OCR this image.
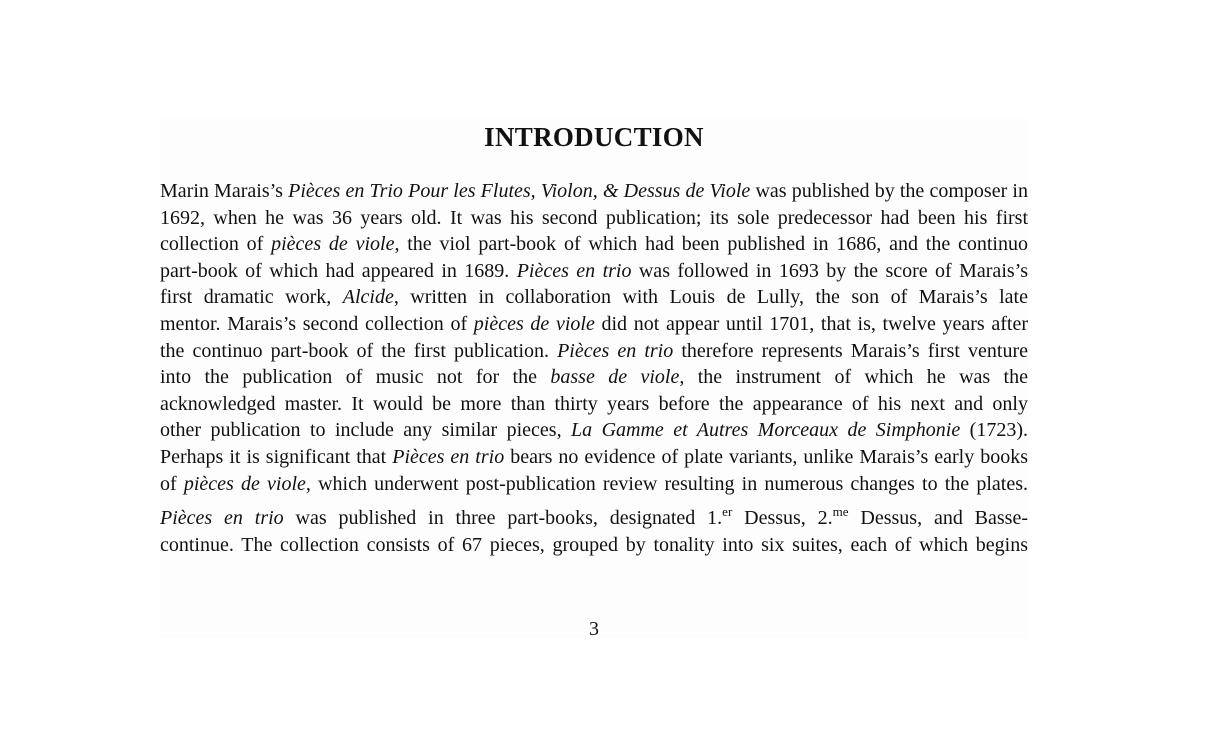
INTRODUCTION

Marin Marais’s Pièces en Trio Pour les Flutes, Violon, & Dessus de Viole was published by the composer in
1692, when he was 36 years old. It was his second publication; its sole predecessor had been his first
collection of pièces de viole, the viol part-book of which had been published in 1686, and the continuo
part-book of which had appeared in 1689. Pièces en trio was followed in 1693 by the score of Marais’s
first dramatic work, Alcide, written in collaboration with Louis de Lully, the son of Marais’s late
mentor. Marais’s second collection of pièces de viole did not appear until 1701, that is, twelve years after
the continuo part-book of the first publication. Pièces en trio therefore represents Marais’s first venture
into the publication of music not for the basse de viole, the instrument of which he was the
acknowledged master. It would be more than thirty years before the appearance of his next and only
other publication to include any similar pieces, La Gamme et Autres Morceaux de Simphonie (1723).
Perhaps it is significant that Pièces en trio bears no evidence of plate variants, unlike Marais’s early books
of pièces de viole, which underwent post-publication review resulting in numerous changes to the plates.

Pièces en trio was published in three part-books, designated 1.$^{er}$ Dessus, 2.$^{me}$ Dessus, and Basse-
continue. The collection consists of 67 pieces, grouped by tonality into six suites, each of which begins

3
